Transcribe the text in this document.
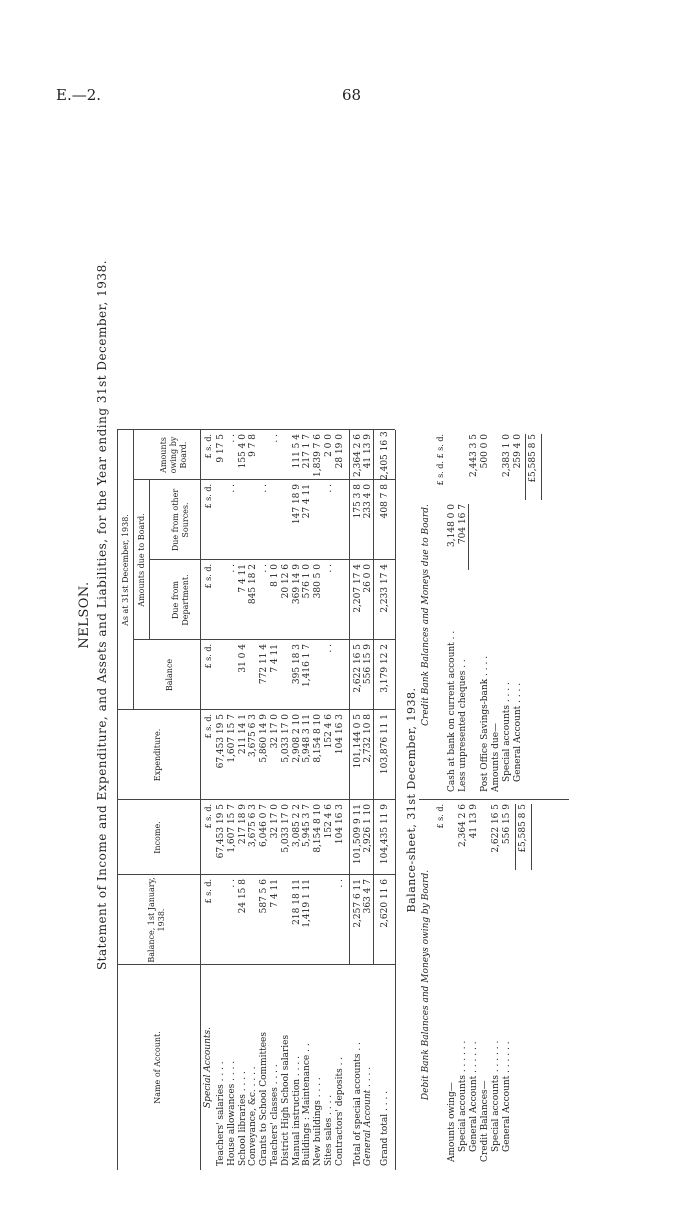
E.—2.	68
NELSON. Statement of Income and Expenditure, and Assets and Liabilities, for the Year ending 31st December, 1938.
Name of Account.
Balance, 1st January, 1938.
Income.
Expenditure.
Balance
As at 31st December, 1938. Amounts due to Board.	Due from Department.
Due from other Sources.
Amounts owing by Board.
£ s. d.
£ s. d.
£ s. d.
£ s. d.
£ s. d.
£ s. d.
£ s. d.
Special Accounts. Teachers' salaries . . . .
67,453 19 5
67,453 19 5
9 17 5
House allowances . . . .
. .
1,607 15 7
1,607 15 7
. .
. .
. .
School libraries . . . .
24 15 8
217 18 9
211 14 1
31 0 4
7 4 11
155 4 0
Conveyance, &c. . . . .
3,675 6 3
3,675 6 3
845 18 2
9 7 8
Grants to School Committees
587 5 6
6,046 0 7
5,860 14 9
772 11 4
. .
. .
Teachers' classes . . . .
7 4 11
32 17 0
32 17 0
7 4 11
8 1 0
. .
District High School salaries
5,033 17 0
5,033 17 0
20 12 6
Manual instruction . . . .
218 18 11
3,085 2 2
2,908 2 10
395 18 3
369 14 9
147 18 9
111 5 4
Buildings : Maintenance . .
1,419 1 11
5,945 3 7
5,948 3 11
1,416 1 7
576 1 0
27 4 11
217 1 7
New buildings . . . .
8,154 8 10
8,154 8 10
380 5 0
1,839 7 6
Sites sales . . . .
152 4 6
152 4 6
. .
. .
. .
2 0 0
Contractors' deposits . .
. .
104 16 3
104 16 3
28 19 0
Total of special accounts . .
2,257 6 11
101,509 9 11
101,144 0 5
2,622 16 5
2,207 17 4
175 3 8
2,364 2 6
General Account . . . .
363 4 7
2,926 1 10
2,732 10 8
556 15 9
26 0 0
233 4 0
41 13 9
Grand total . . . .
2,620 11 6
104,435 11 9
103,876 11 1
3,179 12 2
2,233 17 4
408 7 8
2,405 16 3
Balance-sheet, 31st December, 1938.
Debit Bank Balances and Moneys owing by Board.
Credit Bank Balances and Moneys due to Board.
£ s. d.
£ s. d. £ s. d.
Amounts owing— Special accounts . . . . . .
2,364 2 6
General Account . . . . . .
41 13 9
Credit Balances— Special accounts . . . . . .
2,622 16 5
General Account . . . . . .
556 15 9 £5,585 8 5
Cash at bank on current account . .
3,148 0 0
Less unpresented cheques . .
704 16 7
2,443 3 5
Post Office Savings-bank . . . .
500 0 0
Amounts due— Special accounts . . . .
2,383 1 0
General Account . . . .
259 4 0 £5,585 8 5
